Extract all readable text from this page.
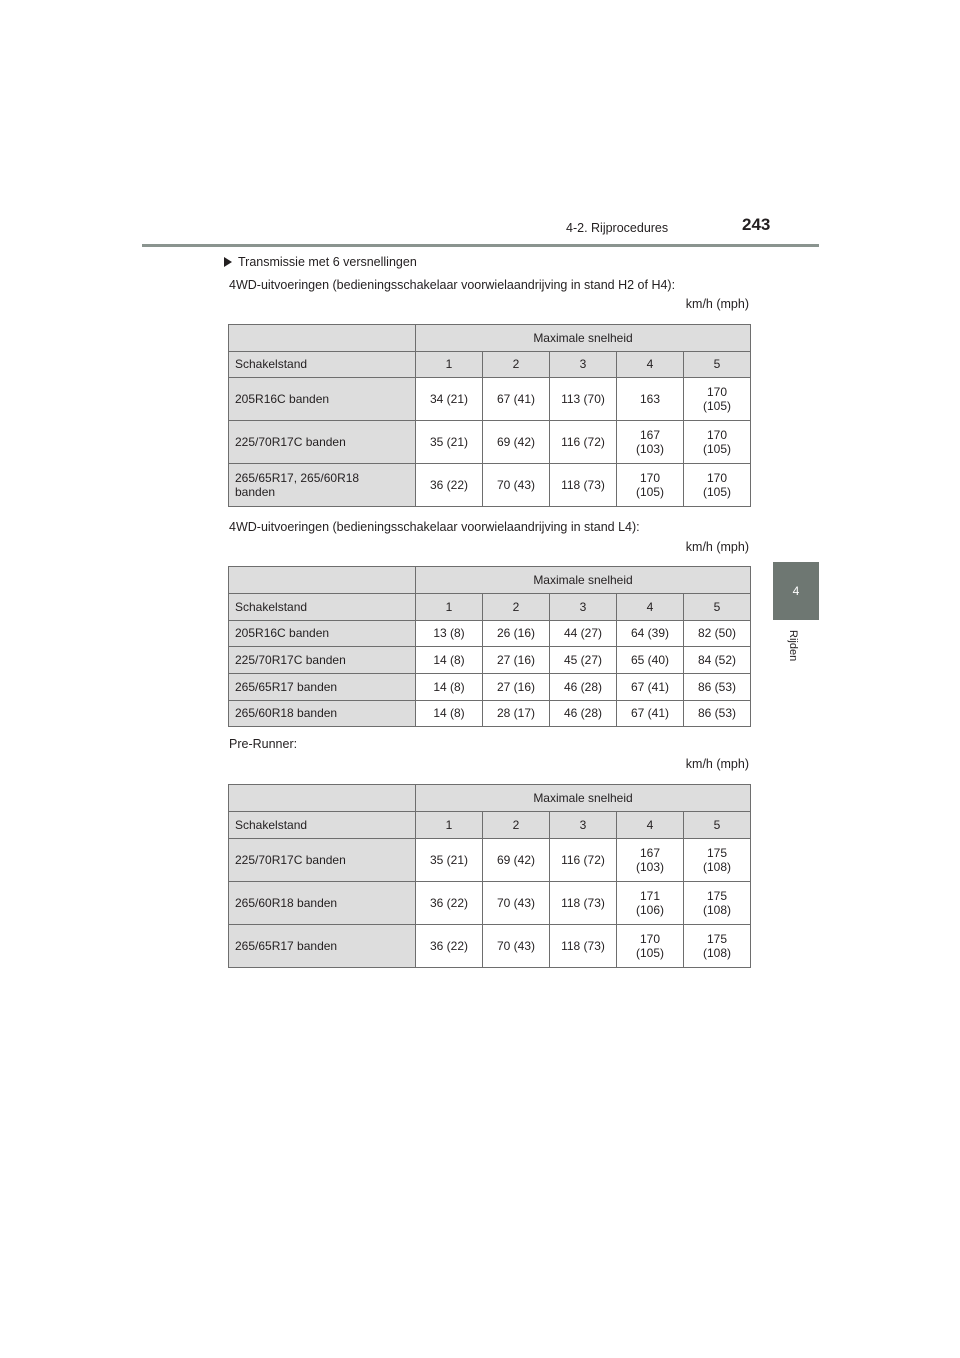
4-2. Rijprocedures	243
4
Rijden
Transmissie met 6 versnellingen
4WD-uitvoeringen (bedieningsschakelaar voorwielaandrijving in stand H2 of H4):
km/h (mph)
	Maximale snelheid				
Schakelstand	1	2	3	4	5
205R16C banden	34 (21)	67 (41)	113 (70)	163	170
(105)
225/70R17C banden	35 (21)	69 (42)	116 (72)	167
(103)	170
(105)
265/65R17, 265/60R18
banden	36 (22)	70 (43)	118 (73)	170
(105)	170
(105)
4WD-uitvoeringen (bedieningsschakelaar voorwielaandrijving in stand L4):
km/h (mph)
	Maximale snelheid				
Schakelstand	1	2	3	4	5
205R16C banden	13 (8)	26 (16)	44 (27)	64 (39)	82 (50)
225/70R17C banden	14 (8)	27 (16)	45 (27)	65 (40)	84 (52)
265/65R17 banden	14 (8)	27 (16)	46 (28)	67 (41)	86 (53)
265/60R18 banden	14 (8)	28 (17)	46 (28)	67 (41)	86 (53)
Pre-Runner:
km/h (mph)
	Maximale snelheid				
Schakelstand	1	2	3	4	5
225/70R17C banden	35 (21)	69 (42)	116 (72)	167
(103)	175
(108)
265/60R18 banden	36 (22)	70 (43)	118 (73)	171
(106)	175
(108)
265/65R17 banden	36 (22)	70 (43)	118 (73)	170
(105)	175
(108)
